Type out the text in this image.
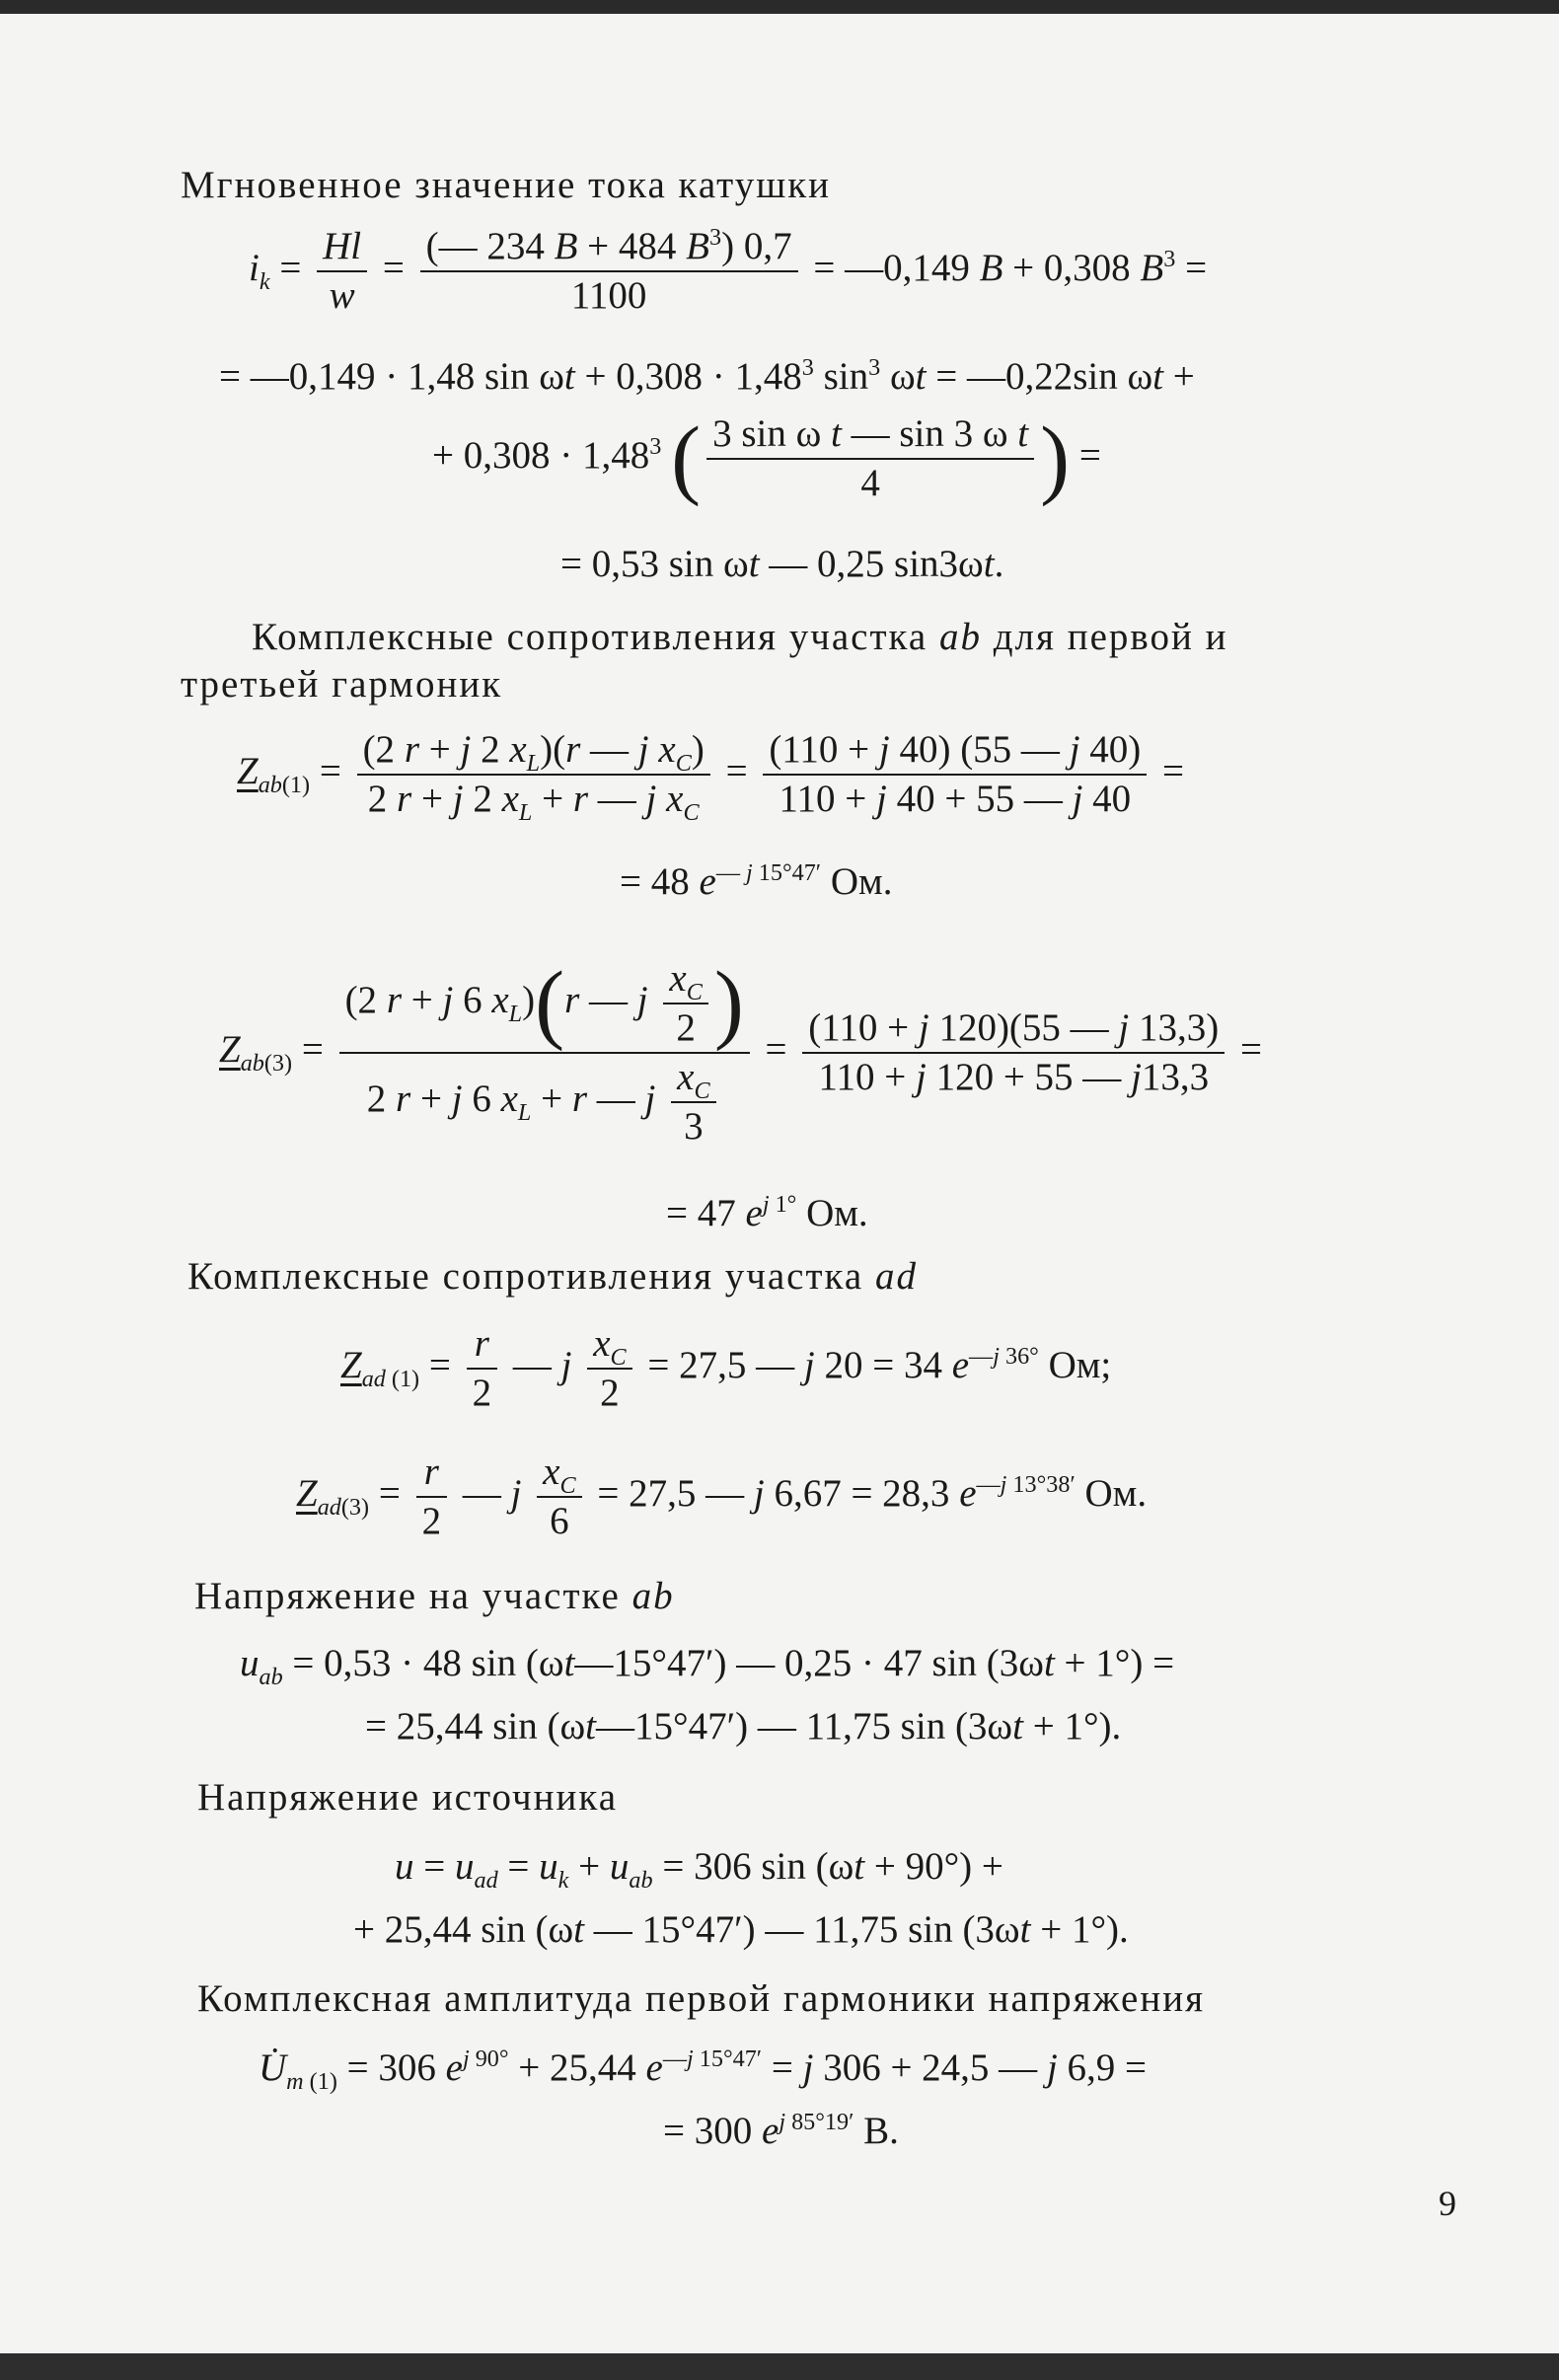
Мгновенное значение тока катушки
$i_k = \frac{Hl}{w} = \frac{(— 234 B + 484 B^3) 0,7}{1100}$ = —0,149 B + 0,308 $B^3$ =
= —0,149 · 1,48 $\sin \omega t + 0,308 \cdot 1,48^3$ $\sin^3 \omega t$ = —0,22sin ωt +
+ $0,308 \cdot 1,48^3$ ( $\frac{\text{3 sin ω t — sin 3 ω t}}{4}$ ) =
= 0,53 sin ωt — 0,25 sin3ωt.
Комплексные сопротивления участка ab для первой и
третьей гармоник
$Z_{ab(1)} = \frac{(2 r + j 2 x_L)(r — j x_C)}{2 r + j 2 x_L + r — j x_C} = \frac{(110 + j 40) (55 — j 40)}{110 + j 40 + 55 — j 40}$ =
= 48 $e^{— j 15^\circ 47'}$ Ом.
$Z_{ab(3)} = \frac{(2 r + j 6 x_L)(r — j \frac{x_C}{2} )}{2 r + j 6 x_L + r — j \frac{x_C}{3}} = \frac{(110 + j 120)(55 — j 13,3)}{110 + j 120 + 55 — j13,3}$ =
= 47 $e^{j 1^\circ}$ Ом.
Комплексные сопротивления участка ad
$Z_{ad (1)} = \frac{r}{2}$ — j $\frac{x_C}{2} = 27,5$ — j 20 = 34 $e^{—j 36^\circ}$ Ом;
$Z_{ad(3)} = \frac{r}{2}$ — j $\frac{x_C}{6} = 27,5$ — j 6,67 = 28,3 $e^{—j 13^\circ 38'}$ Ом.
Напряжение на участке ab
$u_{ab} = 0,53 \cdot 48$ sin (ωt—15°47′) — 0,25 · 47 sin (3ωt + 1°) =
= 25,44 sin (ωt—15°47′) — 11,75 sin (3ωt + 1°).
Напряжение источника
$u = u_{ad} = u_k + u_{ab} = 306$ sin (ωt + 90°) +
+ 25,44 sin (ωt — 15°47′) — 11,75 sin (3ωt + 1°).
Комплексная амплитуда первой гармоники напряжения
$U̇_{m (1)} = 306$ $e^{j 90^\circ} + 25,44$ $e^{—j 15^\circ 47'} = j$ 306 + 24,5 — j 6,9 =
= 300 $e^{j 85^\circ 19'}$ В.
9
